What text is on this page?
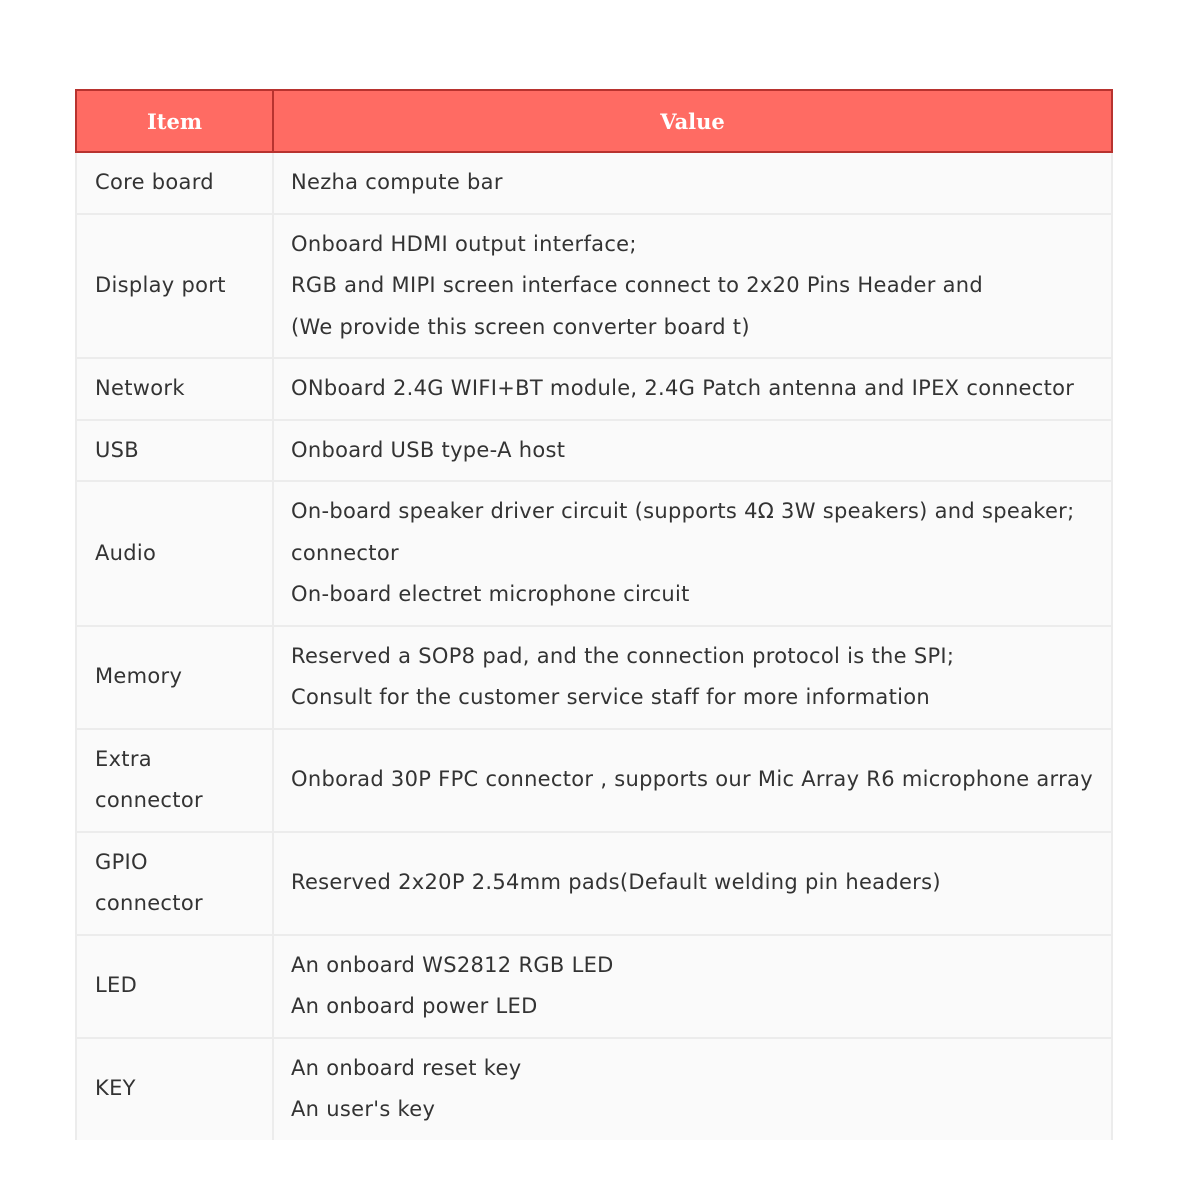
Item	Value

Core board	Nezha compute bar

Display port	Onboard HDMI output interface;
RGB and MIPI screen interface connect to 2x20 Pins Header and
(We provide this screen converter board t)

Network	ONboard 2.4G WIFI+BT module, 2.4G Patch antenna and IPEX connector

USB	Onboard USB type-A host

Audio	On-board speaker driver circuit (supports 4Ω 3W speakers) and speaker;
connector
On-board electret microphone circuit

Memory	Reserved a SOP8 pad, and the connection protocol is the SPI;
Consult for the customer service staff for more information

Extra
connector	Onborad 30P FPC connector , supports our Mic Array R6 microphone array

GPIO
connector	Reserved 2x20P 2.54mm pads(Default welding pin headers)

LED	An onboard WS2812 RGB LED
An onboard power LED

KEY	An onboard reset key
An user's key
